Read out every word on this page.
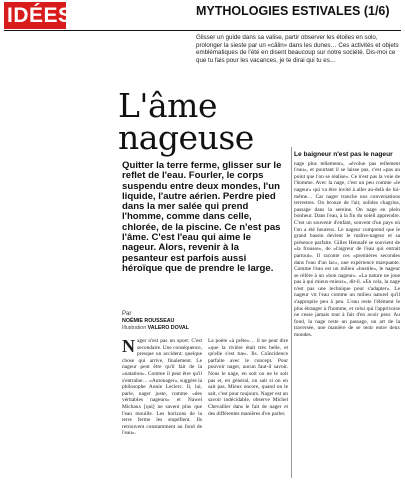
IDÉES/	MYTHOLOGIES ESTIVALES (1/6)
Glisser un guide dans sa valise, partir observer les étoiles en solo, prolonger la sieste par un «câlin» dans les dunes… Ces activités et objets emblématiques de l'été en disent beaucoup sur notre société. Dis-moi ce que tu fais pour les vacances, je te dirai qui tu es…
L'âme
nageuse
Quitter la terre ferme, glisser sur le reflet de l'eau. Fourler, le corps suspendu entre deux mondes, l'un liquide, l'autre aérien. Perdre pied dans la mer salée qui prend l'homme, comme dans celle, chlorée, de la piscine. Ce n'est pas l'âme. C'est l'eau qui aime le nageur. Alors, revenir à la pesanteur est parfois aussi héroïque que de prendre le large.
Par
NOÉMIE ROUSSEAU
Illustration VALERO DOVAL
N ager n'est pas un sport. C'est secondaire. Une conséquence, presque un accident: quelque chose qui arrive, finalement. Le nageur peut être qu'il fait de la «natation». Comme il peut être qu'il s'entraîne… «Autonager», suggère la philosophe Annie Leclerc. Il, lui, parle, nager juste, comme «des véritables nageurs» et Nawel Michaux [qui] ne savent plus que l'eau mouille. Les horizons de la terre ferme les stupéfient. Ils retrouvent constamment au fond de l'eau».
La poète «à prête»… il ne peut dire «que la rivière était très belle, et qu'elle s'est tue». Ils. Coïncidence parfaite avec le concept. Pour pouvoir nager, aucun faut-il savoir. Nous le nage, en soit ou ne le soit pas et, en général, on sait si on en sait pas. Mieux encore, quand on le sait, c'est pour toujours. Nager est un savoir indécidable, observe Michel Chevallier dans le fait de nager et des différentes manières d'en parler.
Le baigneur n'est pas le nageur
nage plus tellement», «évolue pas tellement l'eau», et pourtant il se laisse pas, c'est «pas au point que l'on se réalise». Ce n'est pas la voie de l'homme. Avec la nage, c'est un peu comme «le nageur» qui va être invité à aller au-delà de lui-même… Car nager tranche nos conversations terrestres. On bronze de l'air, solides chagrins, passage dans la sereine. On nage en plein bonheur. Dans l'eau, à la fin du soleil apprendre. C'est un souvenir d'enfant, souvent d'un pays où l'on a été heureux. Le nageur comprend que le grand bassin devient le maître-nageur et sa présence parfaite. Gilles Hennafé se souvient de «la frousse», de «l'aigreur de l'eau qui entrait partout». Il raconte ces «premières secondes dans l'eau d'un lac», une expérience marquante. Comme l'eau est un milieu «hostile», le nageur se réfère à un «bon nageur». «La nature ne joue pas à qui mieux-mieux», dit-il. «En cela, la nage n'est pas une technique pour s'adapter». Le nageur vit l'eau comme un milieu naturel qu'il s'approprie peu à peu. L'eau reste l'élément le plus étranger à l'homme, et celui qui l'apprivoise ne cesse jamais tout à fait d'en avoir peur. Au fond, la nage reste un passage, un art de la traversée, une manière de se tenir entre deux mondes.
